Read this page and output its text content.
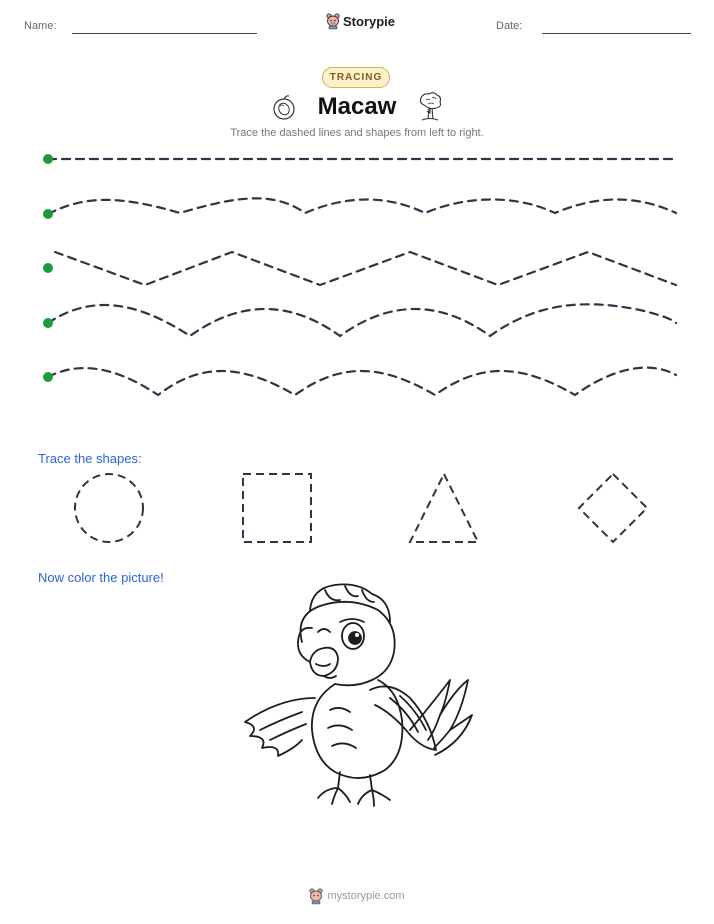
Name:	Storypie	Date:
TRACING
Macaw
Trace the dashed lines and shapes from left to right.
Trace the shapes:
Now color the picture!
mystorypie.com
